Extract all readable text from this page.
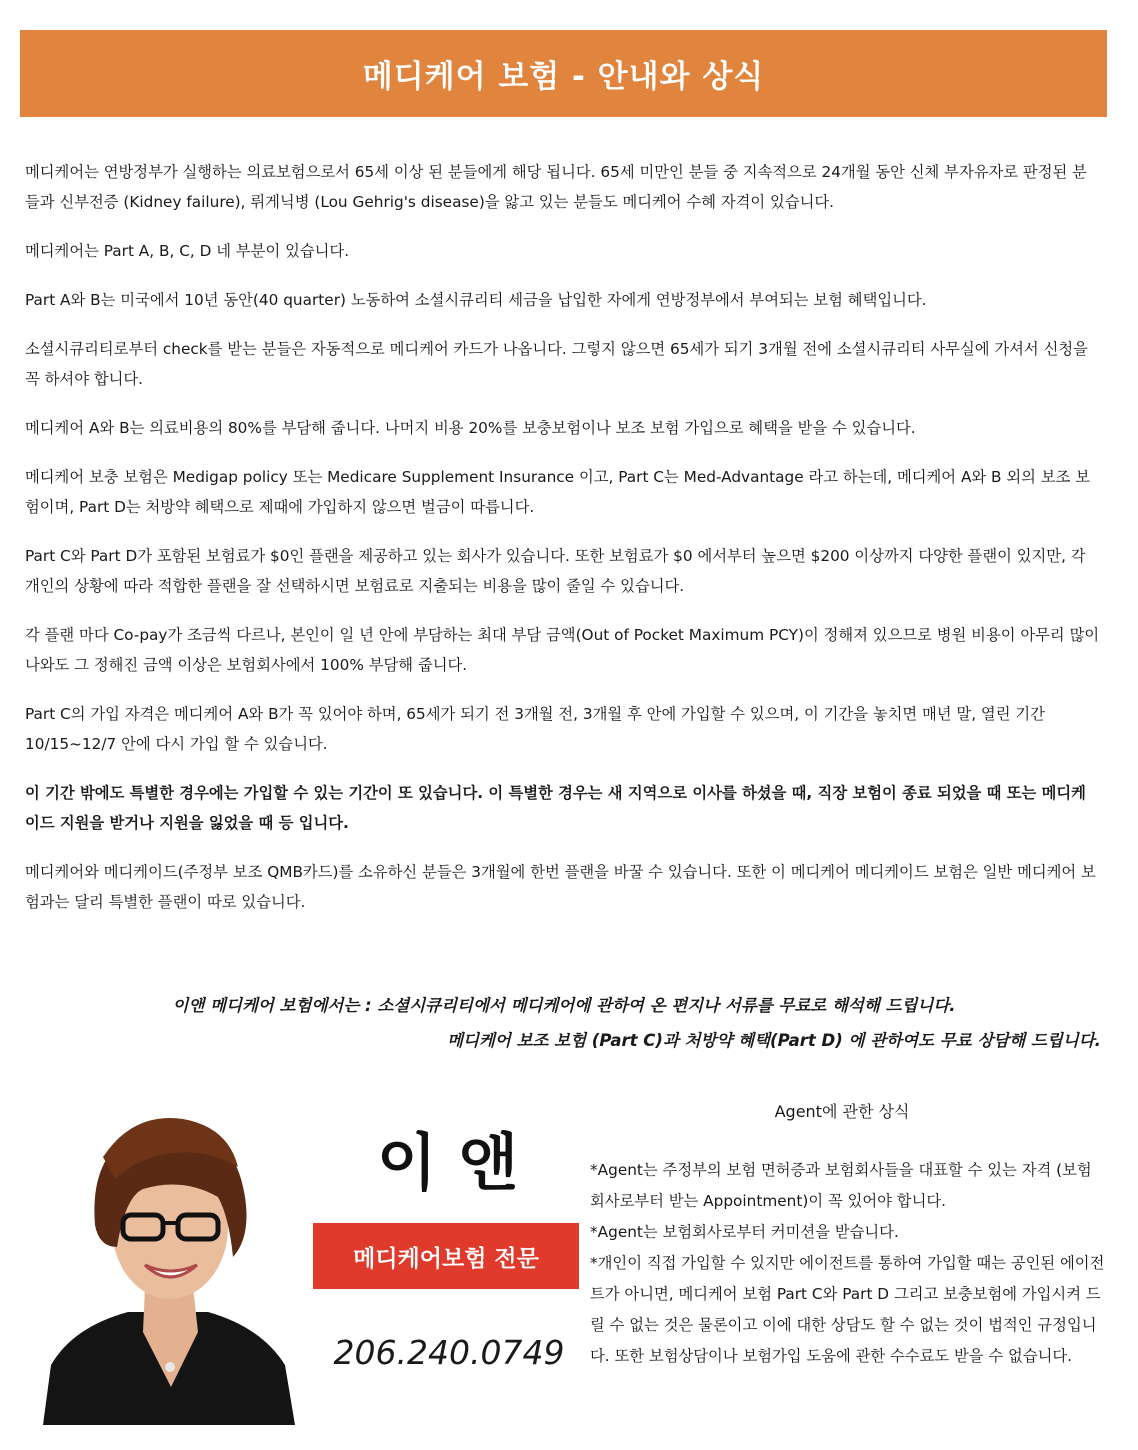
메디케어 보험 - 안내와 상식

메디케어는 연방정부가 실행하는 의료보험으로서 65세 이상 된 분들에게 해당 됩니다. 65세 미만인 분들 중 지속적으로 24개월 동안 신체 부자유자로 판정된 분들과 신부전증 (Kidney failure), 뤼게닉병 (Lou Gehrig's disease)을 앓고 있는 분들도 메디케어 수혜 자격이 있습니다.

메디케어는 Part A, B, C, D 네 부분이 있습니다.

Part A와 B는 미국에서 10년 동안(40 quarter) 노동하여 소셜시큐리티 세금을 납입한 자에게 연방정부에서 부여되는 보험 혜택입니다.

소셜시큐리티로부터 check를 받는 분들은 자동적으로 메디케어 카드가 나옵니다. 그렇지 않으면 65세가 되기 3개월 전에 소셜시큐리티 사무실에 가셔서 신청을 꼭 하셔야 합니다.

메디케어 A와 B는 의료비용의 80%를 부담해 줍니다. 나머지 비용 20%를 보충보험이나 보조 보험 가입으로 혜택을 받을 수 있습니다.

메디케어 보충 보험은 Medigap policy 또는 Medicare Supplement Insurance 이고, Part C는 Med-Advantage 라고 하는데, 메디케어 A와 B 외의 보조 보험이며, Part D는 처방약 혜택으로 제때에 가입하지 않으면 벌금이 따릅니다.

Part C와 Part D가 포함된 보험료가 $0인 플랜을 제공하고 있는 회사가 있습니다. 또한 보험료가 $0 에서부터 높으면 $200 이상까지 다양한 플랜이 있지만, 각 개인의 상황에 따라 적합한 플랜을 잘 선택하시면 보험료로 지출되는 비용을 많이 줄일 수 있습니다.

각 플랜 마다 Co-pay가 조금씩 다르나, 본인이 일 년 안에 부담하는 최대 부담 금액(Out of Pocket Maximum PCY)이 정해져 있으므로 병원 비용이 아무리 많이 나와도 그 정해진 금액 이상은 보험회사에서 100% 부담해 줍니다.

Part C의 가입 자격은 메디케어 A와 B가 꼭 있어야 하며, 65세가 되기 전 3개월 전, 3개월 후 안에 가입할 수 있으며, 이 기간을 놓치면 매년 말, 열린 기간 10/15~12/7 안에 다시 가입 할 수 있습니다.

이 기간 밖에도 특별한 경우에는 가입할 수 있는 기간이 또 있습니다. 이 특별한 경우는 새 지역으로 이사를 하셨을 때, 직장 보험이 종료 되었을 때 또는 메디케이드 지원을 받거나 지원을 잃었을 때 등 입니다.

메디케어와 메디케이드(주정부 보조 QMB카드)를 소유하신 분들은 3개월에 한번 플랜을 바꿀 수 있습니다. 또한 이 메디케어 메디케이드 보험은 일반 메디케어 보험과는 달리 특별한 플랜이 따로 있습니다.

이앤 메디케어 보험에서는 : 소셜시큐리티에서 메디케어에 관하여 온 편지나 서류를 무료로 해석해 드립니다.
메디케어 보조 보험 (Part C)과 처방약 혜택(Part D) 에 관하여도 무료 상담해 드립니다.
이 앤
메디케어보험 전문
206.240.0749
Agent에 관한 상식
*Agent는 주정부의 보험 면허증과 보험회사들을 대표할 수 있는 자격 (보험회사로부터 받는 Appointment)이 꼭 있어야 합니다.
*Agent는 보험회사로부터 커미션을 받습니다.
*개인이 직접 가입할 수 있지만 에이전트를 통하여 가입할 때는 공인된 에이전트가 아니면, 메디케어 보험 Part C와 Part D 그리고 보충보험에 가입시켜 드릴 수 없는 것은 물론이고 이에 대한 상담도 할 수 없는 것이 법적인 규정입니다. 또한 보험상담이나 보험가입 도움에 관한 수수료도 받을 수 없습니다.
